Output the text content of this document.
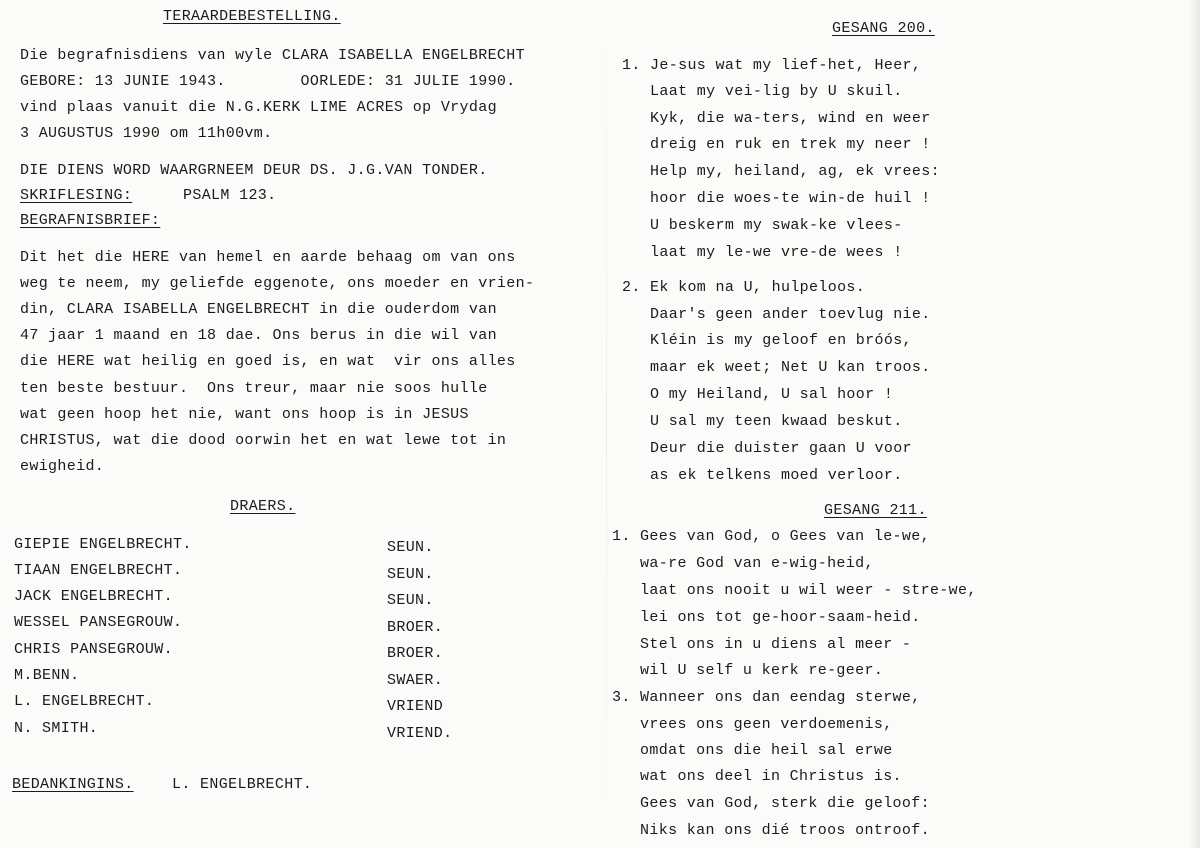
TERAARDEBESTELLING.
Die begrafnisdiens van wyle CLARA ISABELLA ENGELBRECHT
GEBORE: 13 JUNIE 1943.        OORLEDE: 31 JULIE 1990.
vind plaas vanuit die N.G.KERK LIME ACRES op Vrydag
3 AUGUSTUS 1990 om 11h00vm.
DIE DIENS WORD WAARGRNEEM DEUR DS. J.G.VAN TONDER.
SKRIFLESING:	PSALM 123.
BEGRAFNISBRIEF:
Dit het die HERE van hemel en aarde behaag om van ons
weg te neem, my geliefde eggenote, ons moeder en vrien-
din, CLARA ISABELLA ENGELBRECHT in die ouderdom van
47 jaar 1 maand en 18 dae. Ons berus in die wil van
die HERE wat heilig en goed is, en wat  vir ons alles
ten beste bestuur.  Ons treur, maar nie soos hulle
wat geen hoop het nie, want ons hoop is in JESUS
CHRISTUS, wat die dood oorwin het en wat lewe tot in
ewigheid.
DRAERS.
GIEPIE ENGELBRECHT.	SEUN.
TIAAN ENGELBRECHT.	SEUN.
JACK ENGELBRECHT.	SEUN.
WESSEL PANSEGROUW.	BROER.
CHRIS PANSEGROUW.	BROER.
M.BENN.	SWAER.
L. ENGELBRECHT.	VRIEND
N. SMITH.	VRIEND.
BEDANKINGINS.	L. ENGELBRECHT.
GESANG 200.
1. Je-sus wat my lief-het, Heer,
Laat my vei-lig by U skuil.
Kyk, die wa-ters, wind en weer
dreig en ruk en trek my neer !
Help my, heiland, ag, ek vrees:
hoor die woes-te win-de huil !
U beskerm my swak-ke vlees-
laat my le-we vre-de wees !
2. Ek kom na U, hulpeloos.
Daar's geen ander toevlug nie.
Kléin is my geloof en bróós,
maar ek weet; Net U kan troos.
O my Heiland, U sal hoor !
U sal my teen kwaad beskut.
Deur die duister gaan U voor
as ek telkens moed verloor.
GESANG 211.
1. Gees van God, o Gees van le-we,
wa-re God van e-wig-heid,
laat ons nooit u wil weer - stre-we,
lei ons tot ge-hoor-saam-heid.
Stel ons in u diens al meer -
wil U self u kerk re-geer.
3. Wanneer ons dan eendag sterwe,
vrees ons geen verdoemenis,
omdat ons die heil sal erwe
wat ons deel in Christus is.
Gees van God, sterk die geloof:
Niks kan ons dié troos ontroof.
